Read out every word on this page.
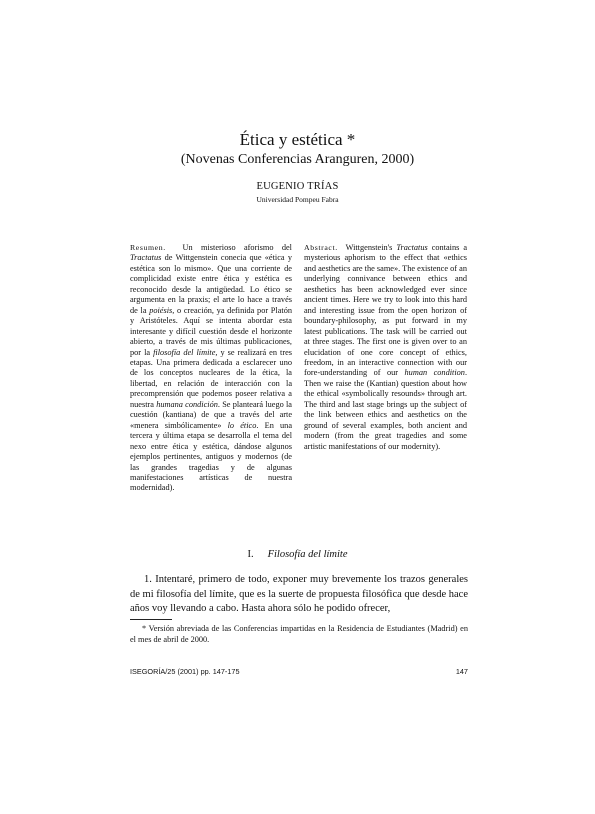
Ética y estética *
(Novenas Conferencias Aranguren, 2000)
EUGENIO TRÍAS
Universidad Pompeu Fabra
Resumen. Un misterioso aforismo del Tractatus de Wittgenstein conecia que «ética y estética son lo mismo». Que una corriente de complicidad existe entre ética y estética es reconocido desde la antigüedad. Lo ético se argumenta en la praxis; el arte lo hace a través de la poiésis, o creación, ya definida por Platón y Aristóteles. Aquí se intenta abordar esta interesante y difícil cuestión desde el horizonte abierto, a través de mis últimas publicaciones, por la filosofía del límite, y se realizará en tres etapas. Una primera dedicada a esclarecer uno de los conceptos nucleares de la ética, la libertad, en relación de interacción con la precomprensión que podemos poseer relativa a nuestra humana condición. Se planteará luego la cuestión (kantiana) de que a través del arte «menera simbólicamente» lo ético. En una tercera y última etapa se desarrolla el tema del nexo entre ética y estética, dándose algunos ejemplos pertinentes, antiguos y modernos (de las grandes tragedias y de algunas manifestaciones artísticas de nuestra modernidad).
Abstract. Wittgenstein's Tractatus contains a mysterious aphorism to the effect that «ethics and aesthetics are the same». The existence of an underlying connivance between ethics and aesthetics has been acknowledged ever since ancient times. Here we try to look into this hard and interesting issue from the open horizon of boundary-philosophy, as put forward in my latest publications. The task will be carried out at three stages. The first one is given over to an elucidation of one core concept of ethics, freedom, in an interactive connection with our fore-understanding of our human condition. Then we raise the (Kantian) question about how the ethical «symbolically resounds» through art. The third and last stage brings up the subject of the link between ethics and aesthetics on the ground of several examples, both ancient and modern (from the great tragedies and some artistic manifestations of our modernity).
I. Filosofía del límite
1. Intentaré, primero de todo, exponer muy brevemente los trazos generales de mi filosofía del límite, que es la suerte de propuesta filosófica que desde hace años voy llevando a cabo. Hasta ahora sólo he podido ofrecer,
* Versión abreviada de las Conferencias impartidas en la Residencia de Estudiantes (Madrid) en el mes de abril de 2000.
ISEGORÍA/25 (2001) pp. 147-175	147
